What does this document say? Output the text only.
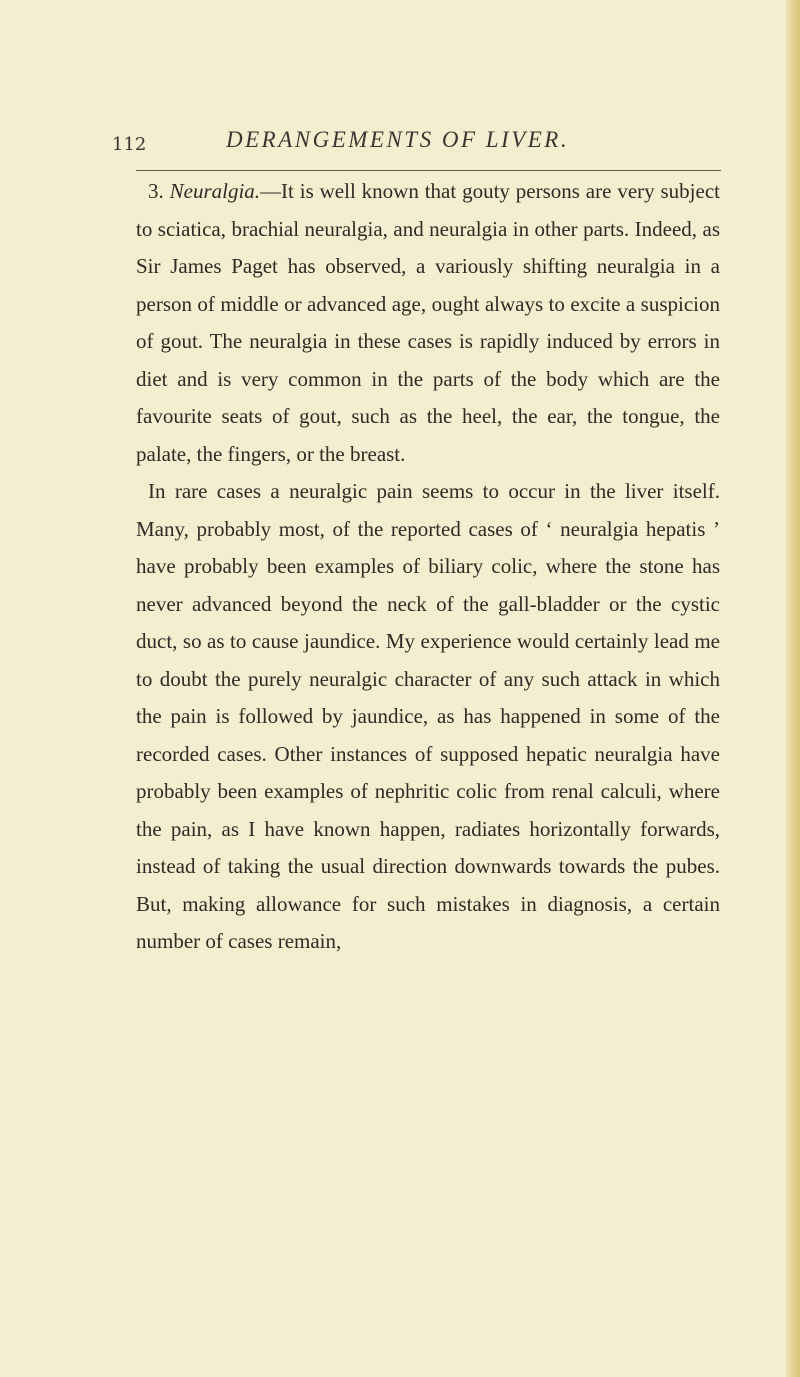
112	DERANGEMENTS OF LIVER.

3. Neuralgia.—It is well known that gouty persons are very subject to sciatica, brachial neuralgia, and neuralgia in other parts. Indeed, as Sir James Paget has observed, a variously shifting neuralgia in a person of middle or advanced age, ought always to excite a suspicion of gout. The neuralgia in these cases is rapidly induced by errors in diet and is very common in the parts of the body which are the favourite seats of gout, such as the heel, the ear, the tongue, the palate, the fingers, or the breast.

In rare cases a neuralgic pain seems to occur in the liver itself. Many, probably most, of the reported cases of ‘ neuralgia hepatis ’ have probably been examples of biliary colic, where the stone has never advanced beyond the neck of the gall-bladder or the cystic duct, so as to cause jaundice. My experience would certainly lead me to doubt the purely neuralgic character of any such attack in which the pain is followed by jaundice, as has happened in some of the recorded cases. Other instances of supposed hepatic neuralgia have probably been examples of nephritic colic from renal calculi, where the pain, as I have known happen, radiates horizontally forwards, instead of taking the usual direction downwards towards the pubes. But, making allowance for such mistakes in diagnosis, a certain number of cases remain,
